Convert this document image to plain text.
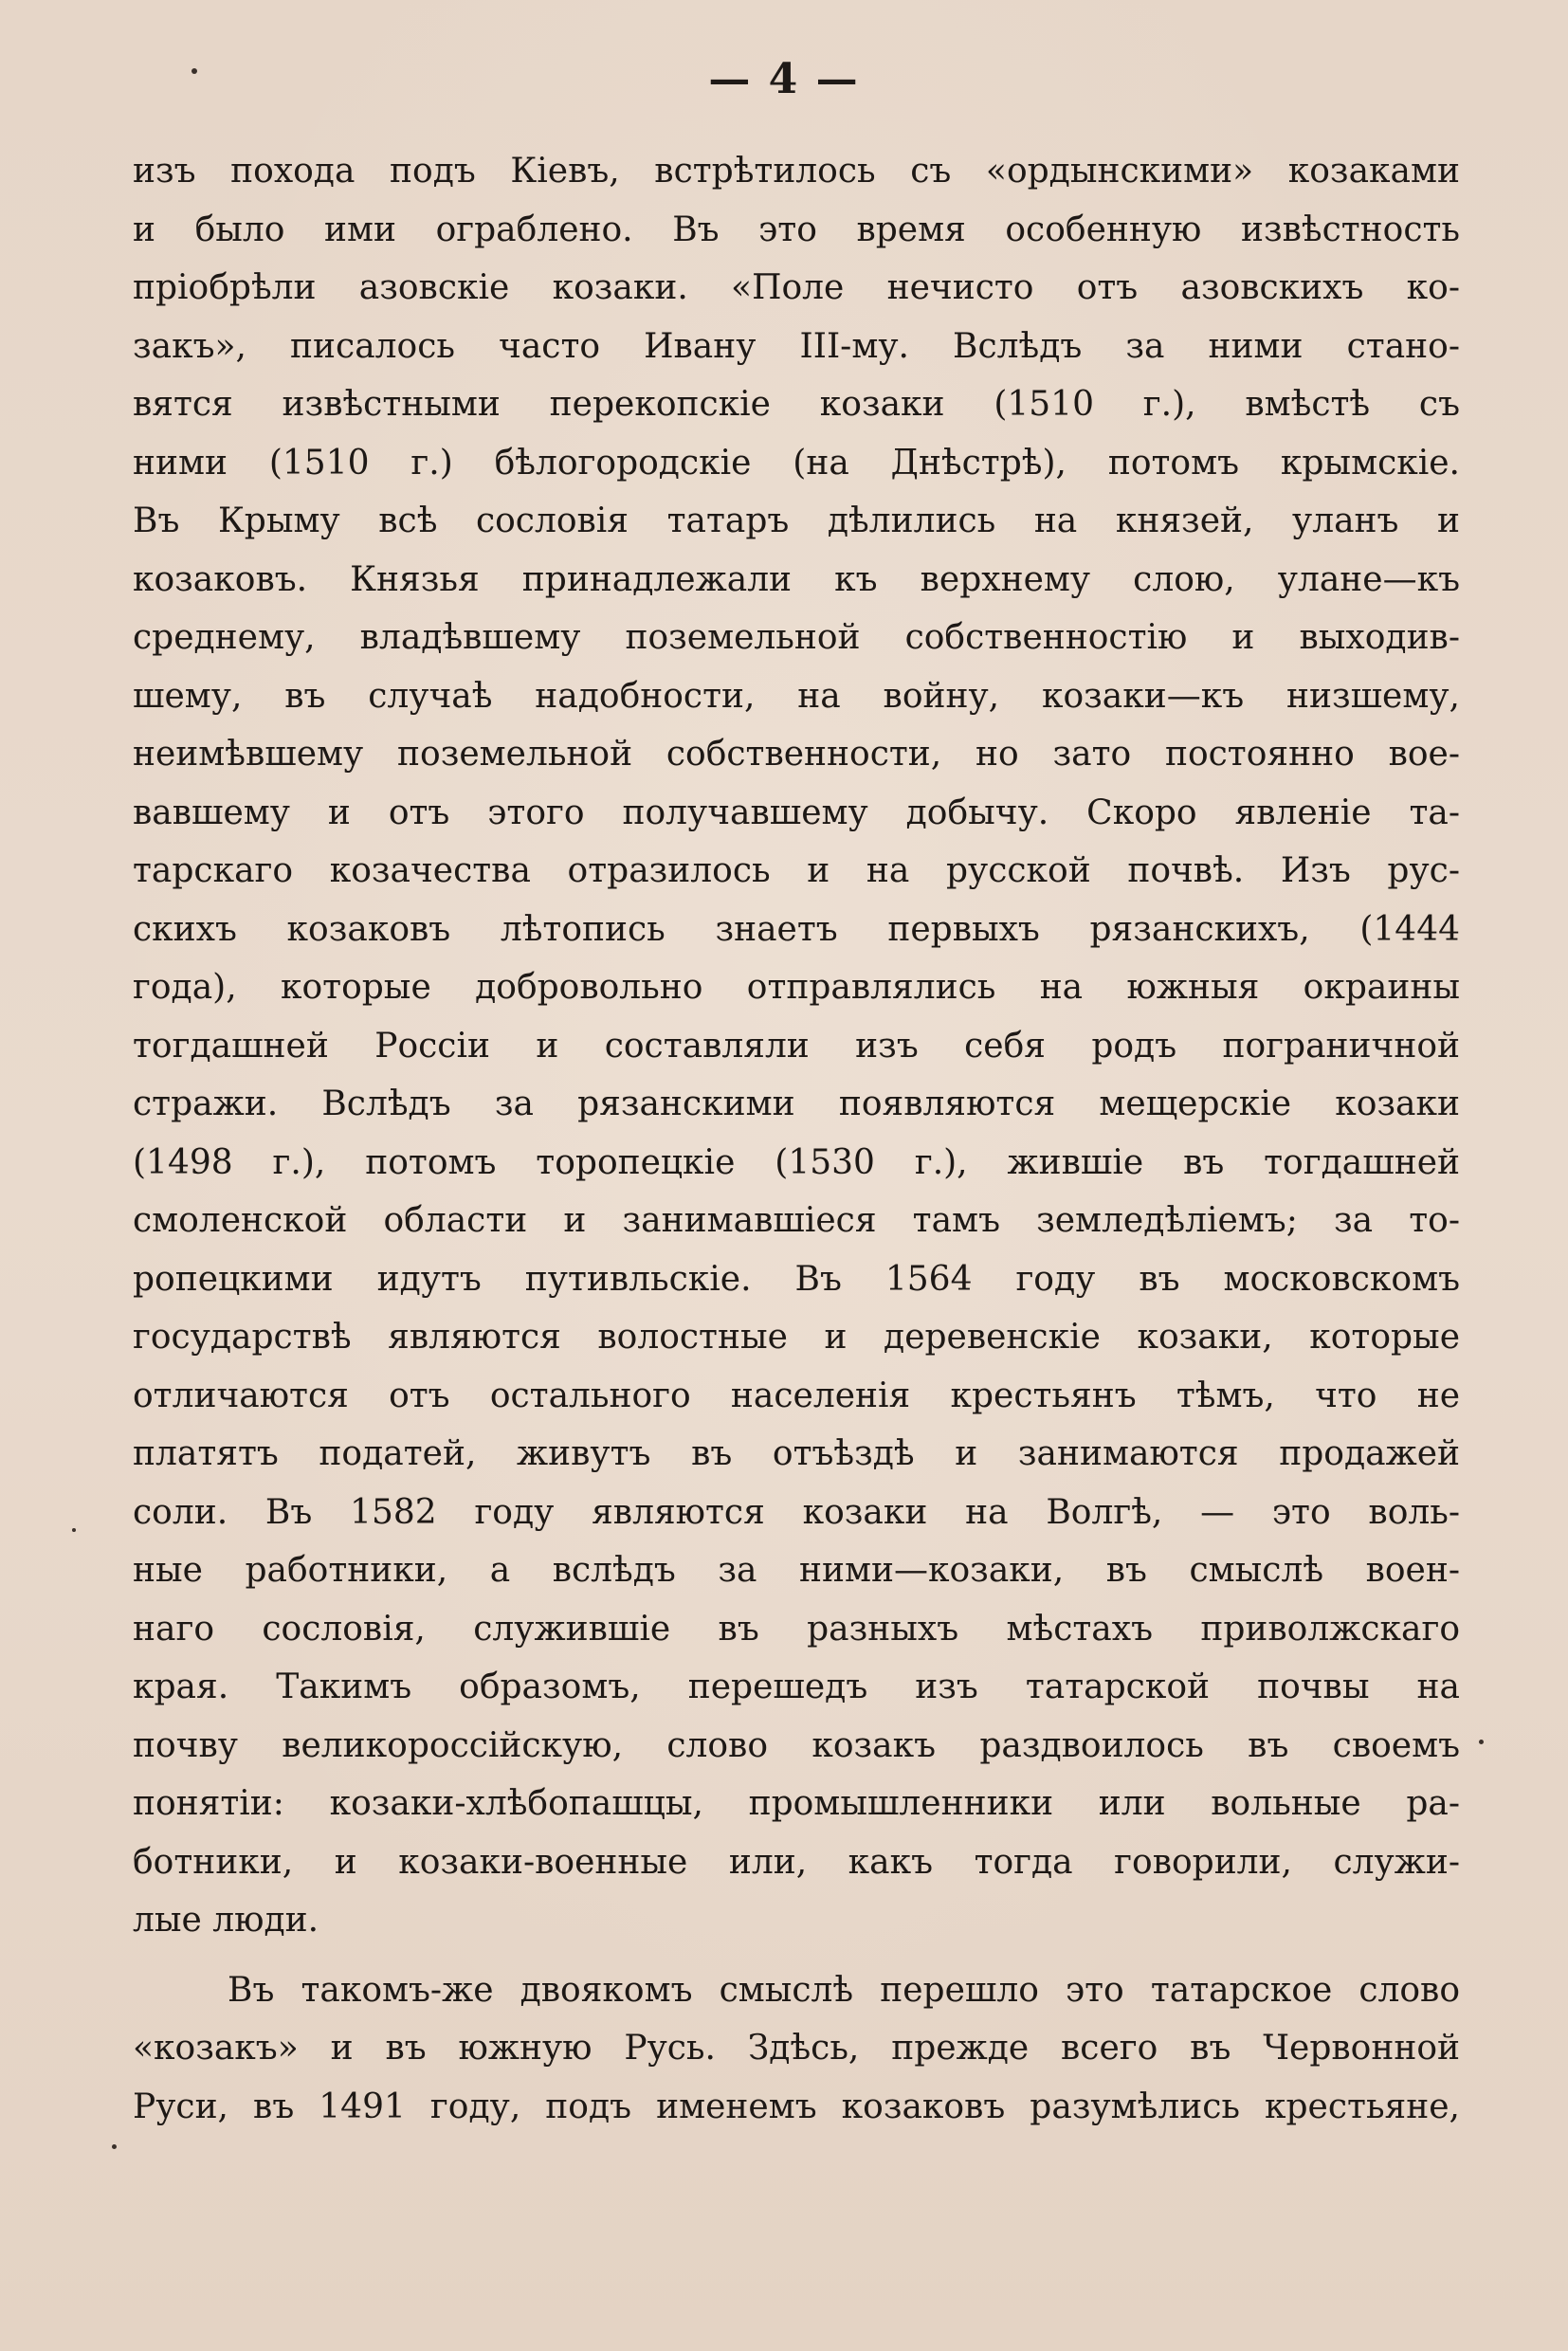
— 4 —
изъ похода подъ Кіевъ, встрѣтилось съ «ордынскими» козаками
и было ими ограблено. Въ это время особенную извѣстность
пріобрѣли азовскіе козаки. «Поле нечисто отъ азовскихъ ко-
закъ», писалось часто Ивану III-му. Вслѣдъ за ними стано-
вятся извѣстными перекопскіе козаки (1510 г.), вмѣстѣ съ
ними (1510 г.) бѣлогородскіе (на Днѣстрѣ), потомъ крымскіе.
Въ Крыму всѣ сословія татаръ дѣлились на князей, уланъ и
козаковъ. Князья принадлежали къ верхнему слою, улане—къ
среднему, владѣвшему поземельной собственностію и выходив-
шему, въ случаѣ надобности, на войну, козаки—къ низшему,
неимѣвшему поземельной собственности, но зато постоянно вое-
вавшему и отъ этого получавшему добычу. Скоро явленіе та-
тарскаго козачества отразилось и на русской почвѣ. Изъ рус-
скихъ козаковъ лѣтопись знаетъ первыхъ рязанскихъ, (1444
года), которые добровольно отправлялись на южныя окраины
тогдашней Россіи и составляли изъ себя родъ пограничной
стражи. Вслѣдъ за рязанскими появляются мещерскіе козаки
(1498 г.), потомъ торопецкіе (1530 г.), жившіе въ тогдашней
смоленской области и занимавшіеся тамъ земледѣліемъ; за то-
ропецкими идутъ путивльскіе. Въ 1564 году въ московскомъ
государствѣ являются волостные и деревенскіе козаки, которые
отличаются отъ остального населенія крестьянъ тѣмъ, что не
платятъ податей, живутъ въ отъѣздѣ и занимаются продажей
соли. Въ 1582 году являются козаки на Волгѣ, — это воль-
ные работники, а вслѣдъ за ними—козаки, въ смыслѣ воен-
наго сословія, служившіе въ разныхъ мѣстахъ приволжскаго
края. Такимъ образомъ, перешедъ изъ татарской почвы на
почву великороссійскую, слово козакъ раздвоилось въ своемъ
понятіи: козаки-хлѣбопашцы, промышленники или вольные ра-
ботники, и козаки-военные или, какъ тогда говорили, служи-
лые люди.
Въ такомъ-же двоякомъ смыслѣ перешло это татарское слово
«козакъ» и въ южную Русь. Здѣсь, прежде всего въ Червонной
Руси, въ 1491 году, подъ именемъ козаковъ разумѣлись крестьяне,
